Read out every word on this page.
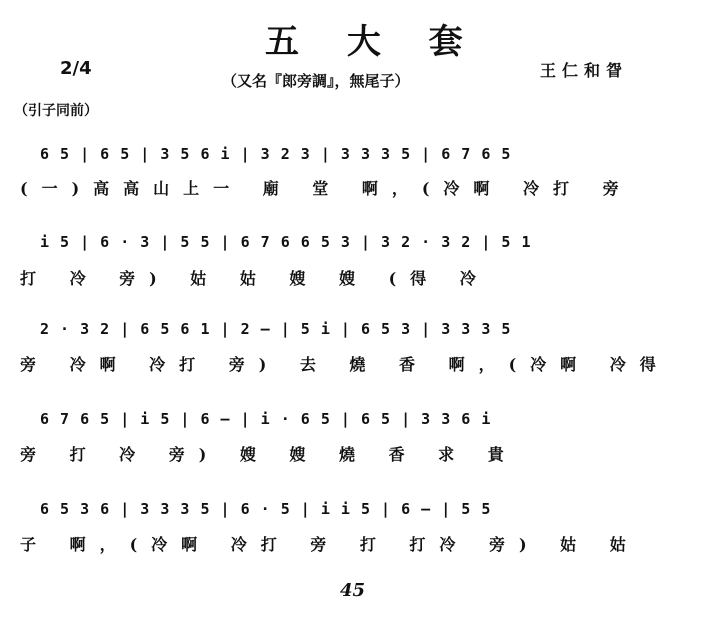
五 大 套
2/4
（又名『郎旁調』，無尾子）
王仁和眢
（引子同前）
6 5 | 6 5 | 3 5 6 i | 3 2 3 | 3 3 3 5 | 6 7 6 5
(一)高高山上一 廟 堂 啊，(冷啊 冷打 旁
i 5 | 6 · 3 | 5 5 | 6 7 6 6 5 3 | 3 2 · 3 2 | 5 1
打 冷 旁) 姑 姑 嫂 嫂 (得 冷
2 · 3 2 | 6 5 6 1 | 2 — | 5 i | 6 5 3 | 3 3 3 5
旁 冷啊 冷打 旁) 去 燒 香 啊，(冷啊 冷得
6 7 6 5 | i 5 | 6 — | i · 6 5 | 6 5 | 3 3 6 i
旁 打 冷 旁) 嫂 嫂 燒 香 求 貴
6 5 3 6 | 3 3 3 5 | 6 · 5 | i i 5 | 6 — | 5 5
子 啊，(冷啊 冷打 旁 打 打冷 旁) 姑 姑
45
